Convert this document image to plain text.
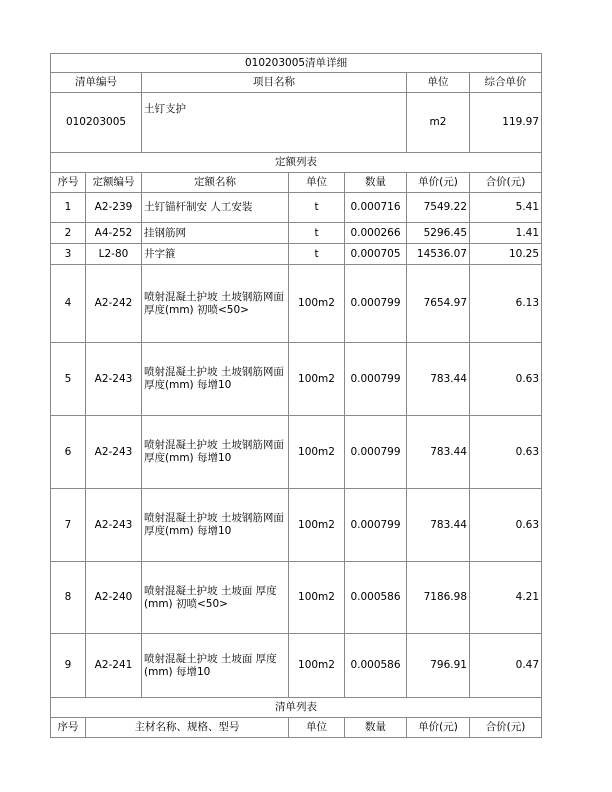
010203005清单详细						
清单编号		项目名称			单位	综合单价
010203005		土钉支护			m2	119.97
定额列表						
序号	定额编号	定额名称	单位	数量	单价(元)	合价(元)
1	A2-239	土钉锚杆制安 人工安装	t	0.000716	7549.22	5.41
2	A4-252	挂钢筋网	t	0.000266	5296.45	1.41
3	L2-80	井字箍	t	0.000705	14536.07	10.25
4	A2-242	喷射混凝土护坡 土坡钢筋网面 厚度(mm) 初喷<50>	100m2	0.000799	7654.97	6.13
5	A2-243	喷射混凝土护坡 土坡钢筋网面 厚度(mm) 每增10	100m2	0.000799	783.44	0.63
6	A2-243	喷射混凝土护坡 土坡钢筋网面 厚度(mm) 每增10	100m2	0.000799	783.44	0.63
7	A2-243	喷射混凝土护坡 土坡钢筋网面 厚度(mm) 每增10	100m2	0.000799	783.44	0.63
8	A2-240	喷射混凝土护坡 土坡面 厚度(mm) 初喷<50>	100m2	0.000586	7186.98	4.21
9	A2-241	喷射混凝土护坡 土坡面 厚度(mm) 每增10	100m2	0.000586	796.91	0.47
清单列表						
序号	主材名称、规格、型号		单位	数量	单价(元)	合价(元)
